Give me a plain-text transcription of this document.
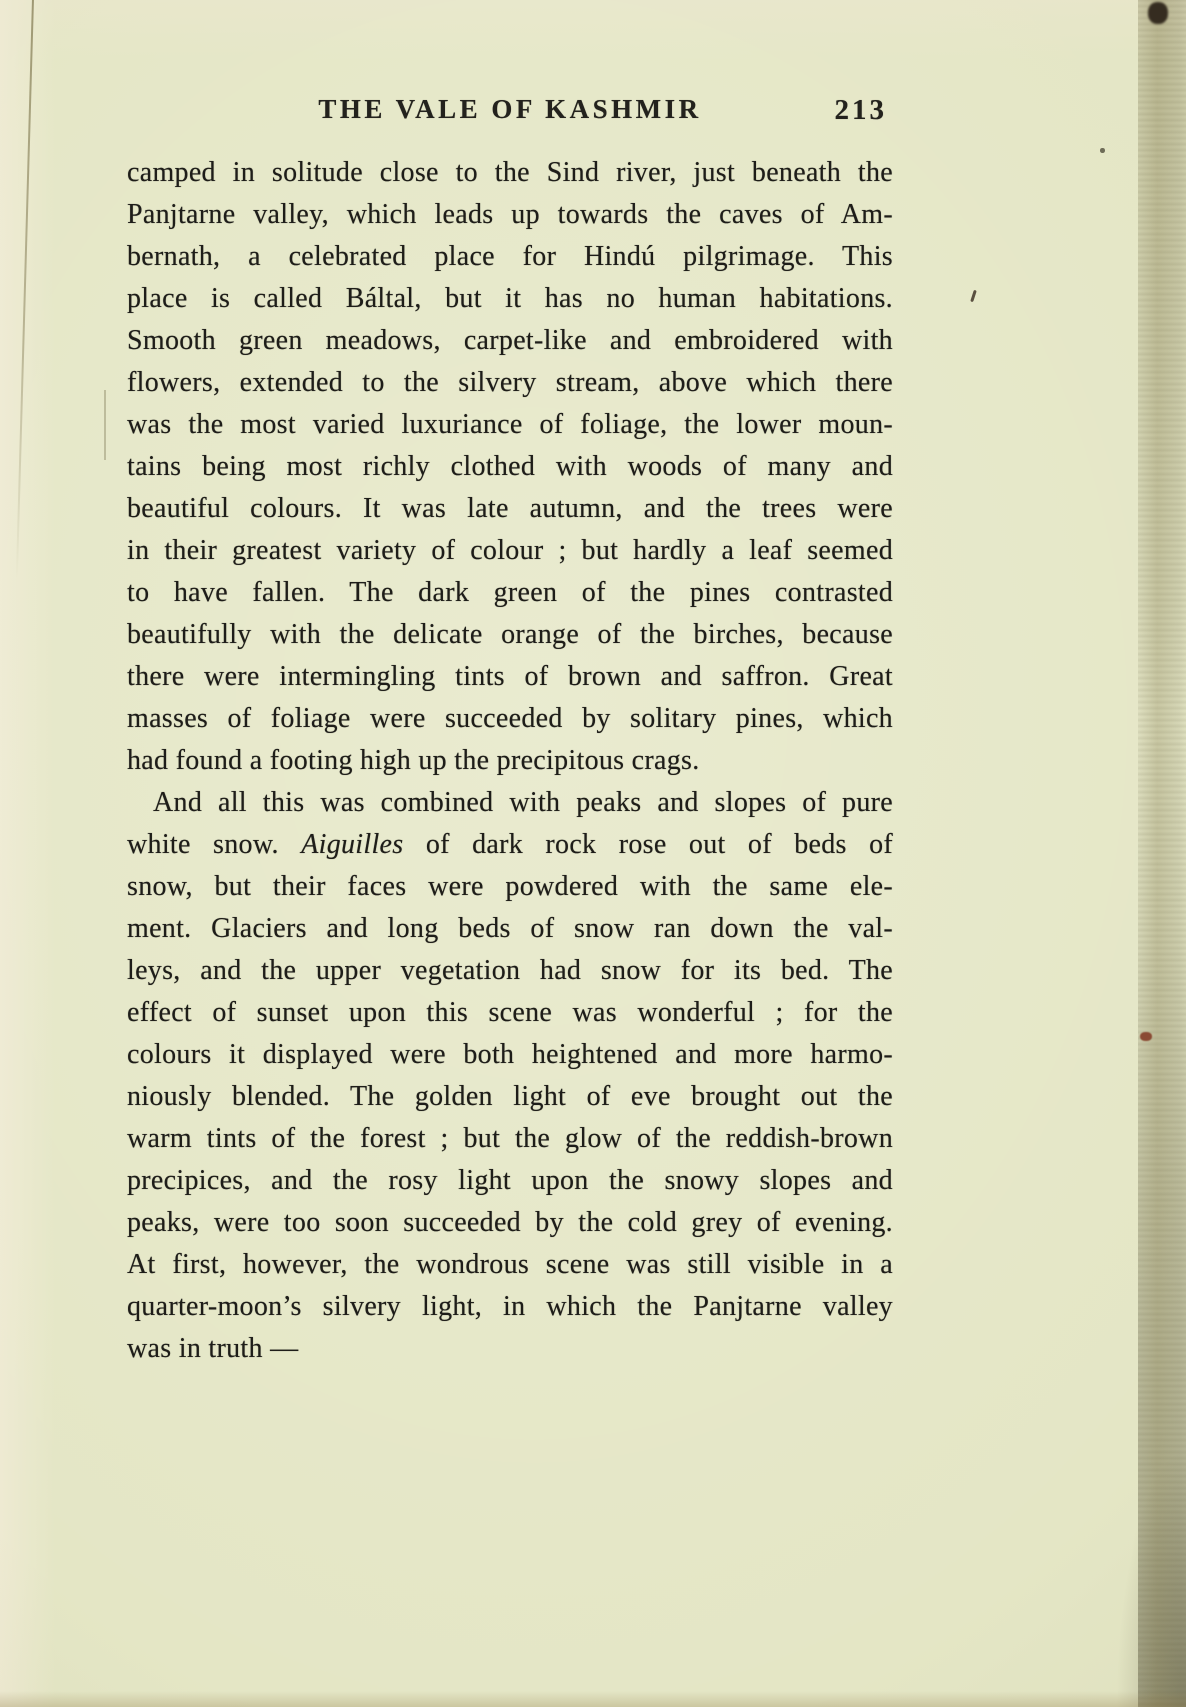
THE VALE OF KASHMIR	213
camped in solitude close to the Sind river, just beneath the
Panjtarne valley, which leads up towards the caves of Am-
bernath, a celebrated place for Hindú pilgrimage. This
place is called Báltal, but it has no human habitations.
Smooth green meadows, carpet-like and embroidered with
flowers, extended to the silvery stream, above which there
was the most varied luxuriance of foliage, the lower moun-
tains being most richly clothed with woods of many and
beautiful colours. It was late autumn, and the trees were
in their greatest variety of colour ; but hardly a leaf seemed
to have fallen. The dark green of the pines contrasted
beautifully with the delicate orange of the birches, because
there were intermingling tints of brown and saffron. Great
masses of foliage were succeeded by solitary pines, which
had found a footing high up the precipitous crags.
And all this was combined with peaks and slopes of pure
white snow. Aiguilles of dark rock rose out of beds of
snow, but their faces were powdered with the same ele-
ment. Glaciers and long beds of snow ran down the val-
leys, and the upper vegetation had snow for its bed. The
effect of sunset upon this scene was wonderful ; for the
colours it displayed were both heightened and more harmo-
niously blended. The golden light of eve brought out the
warm tints of the forest ; but the glow of the reddish-brown
precipices, and the rosy light upon the snowy slopes and
peaks, were too soon succeeded by the cold grey of evening.
At first, however, the wondrous scene was still visible in a
quarter-moon’s silvery light, in which the Panjtarne valley
was in truth —
